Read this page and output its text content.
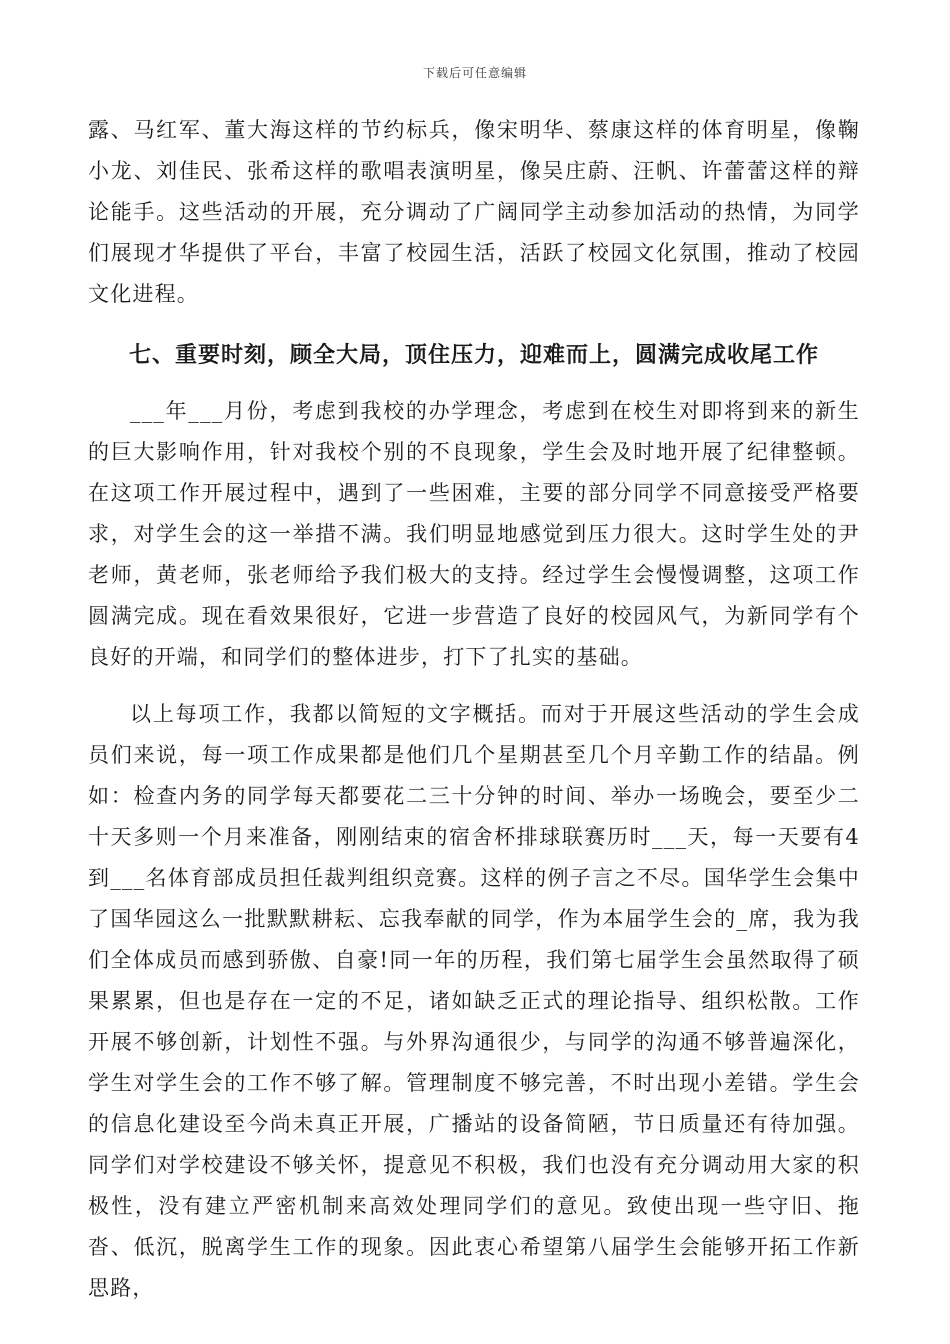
下载后可任意编辑

露、马红军、董大海这样的节约标兵，像宋明华、蔡康这样的体育明星，像鞠小龙、刘佳民、张希这样的歌唱表演明星，像吴庄蔚、汪帆、许蕾蕾这样的辩论能手。这些活动的开展，充分调动了广阔同学主动参加活动的热情，为同学们展现才华提供了平台，丰富了校园生活，活跃了校园文化氛围，推动了校园文化进程。

七、重要时刻，顾全大局，顶住压力，迎难而上，圆满完成收尾工作

___年___月份，考虑到我校的办学理念，考虑到在校生对即将到来的新生的巨大影响作用，针对我校个别的不良现象，学生会及时地开展了纪律整顿。在这项工作开展过程中，遇到了一些困难，主要的部分同学不同意接受严格要求，对学生会的这一举措不满。我们明显地感觉到压力很大。这时学生处的尹老师，黄老师，张老师给予我们极大的支持。经过学生会慢慢调整，这项工作圆满完成。现在看效果很好，它进一步营造了良好的校园风气，为新同学有个良好的开端，和同学们的整体进步，打下了扎实的基础。

以上每项工作，我都以简短的文字概括。而对于开展这些活动的学生会成员们来说，每一项工作成果都是他们几个星期甚至几个月辛勤工作的结晶。例如：检查内务的同学每天都要花二三十分钟的时间、举办一场晚会，要至少二十天多则一个月来准备，刚刚结束的宿舍杯排球联赛历时___天，每一天要有4到___名体育部成员担任裁判组织竞赛。这样的例子言之不尽。国华学生会集中了国华园这么一批默默耕耘、忘我奉献的同学，作为本届学生会的_席，我为我们全体成员而感到骄傲、自豪!同一年的历程，我们第七届学生会虽然取得了硕果累累，但也是存在一定的不足，诸如缺乏正式的理论指导、组织松散。工作开展不够创新，计划性不强。与外界沟通很少，与同学的沟通不够普遍深化，学生对学生会的工作不够了解。管理制度不够完善，不时出现小差错。学生会的信息化建设至今尚未真正开展，广播站的设备简陋，节日质量还有待加强。同学们对学校建设不够关怀，提意见不积极，我们也没有充分调动用大家的积极性，没有建立严密机制来高效处理同学们的意见。致使出现一些守旧、拖沓、低沉，脱离学生工作的现象。因此衷心希望第八届学生会能够开拓工作新思路，
